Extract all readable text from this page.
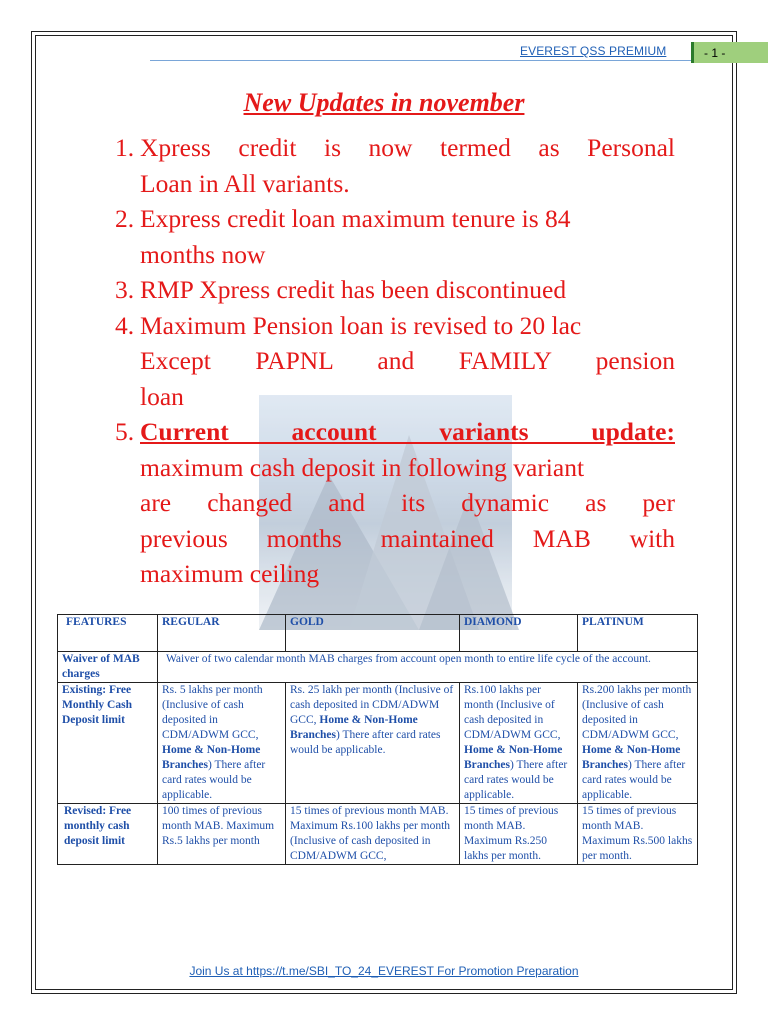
EVEREST QSS PREMIUM	- 1 -
New Updates in november
1. Xpress credit is now termed as Personal
Loan in All variants.
2. Express credit loan maximum tenure is 84
months now
3. RMP Xpress credit has been discontinued
4. Maximum Pension loan is revised to 20 lac
Except PAPNL and FAMILY pension
loan
5. Current account variants update:
maximum cash deposit in following variant
are changed and its dynamic as per
previous months maintained MAB with
maximum ceiling
FEATURES	REGULAR	GOLD	DIAMOND	PLATINUM
Waiver of MAB charges	Waiver of two calendar month MAB charges from account open month to entire life cycle of the account.			
Existing: Free Monthly Cash Deposit limit	Rs. 5 lakhs per month (Inclusive of cash deposited in CDM/ADWM GCC, Home & Non-Home Branches) There after card rates would be applicable.	Rs. 25 lakh per month (Inclusive of cash deposited in CDM/ADWM GCC, Home & Non-Home Branches) There after card rates would be applicable.	Rs.100 lakhs per month (Inclusive of cash deposited in CDM/ADWM GCC, Home & Non-Home Branches) There after card rates would be applicable.	Rs.200 lakhs per month (Inclusive of cash deposited in CDM/ADWM GCC, Home & Non-Home Branches) There after card rates would be applicable.
Revised: Free monthly cash deposit limit	100 times of previous month MAB. Maximum Rs.5 lakhs per month	15 times of previous month MAB. Maximum Rs.100 lakhs per month (Inclusive of cash deposited in CDM/ADWM GCC,	15 times of previous month MAB. Maximum Rs.250 lakhs per month.	15 times of previous month MAB. Maximum Rs.500 lakhs per month.
Join Us at https://t.me/SBI_TO_24_EVEREST For Promotion Preparation
